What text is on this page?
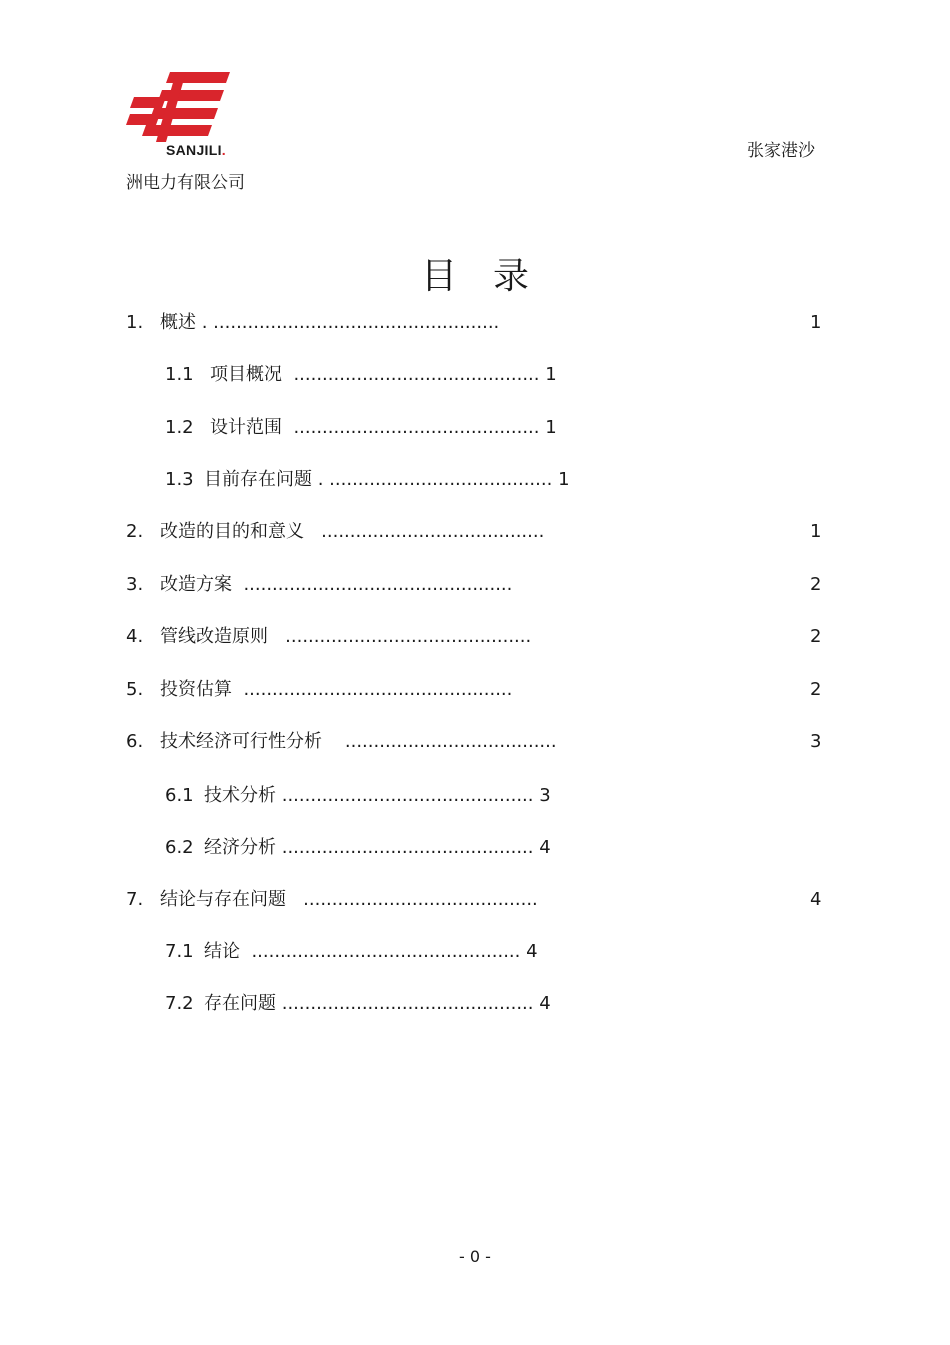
SANJILI.	张家港沙
洲电力有限公司
目录
1. 概述 . ..................................................	1
1.1 项目概况 ........................................... 1
1.2 设计范围 ........................................... 1
1.3 目前存在问题 . ....................................... 1
2. 改造的目的和意义 .......................................	1
3. 改造方案 ...............................................	2
4. 管线改造原则 ...........................................	2
5. 投资估算 ...............................................	2
6. 技术经济可行性分析 .....................................	3
6.1 技术分析 ............................................ 3
6.2 经济分析 ............................................ 4
7. 结论与存在问题 .........................................	4
7.1 结论 ............................................... 4
7.2 存在问题 ............................................ 4
- 0 -
